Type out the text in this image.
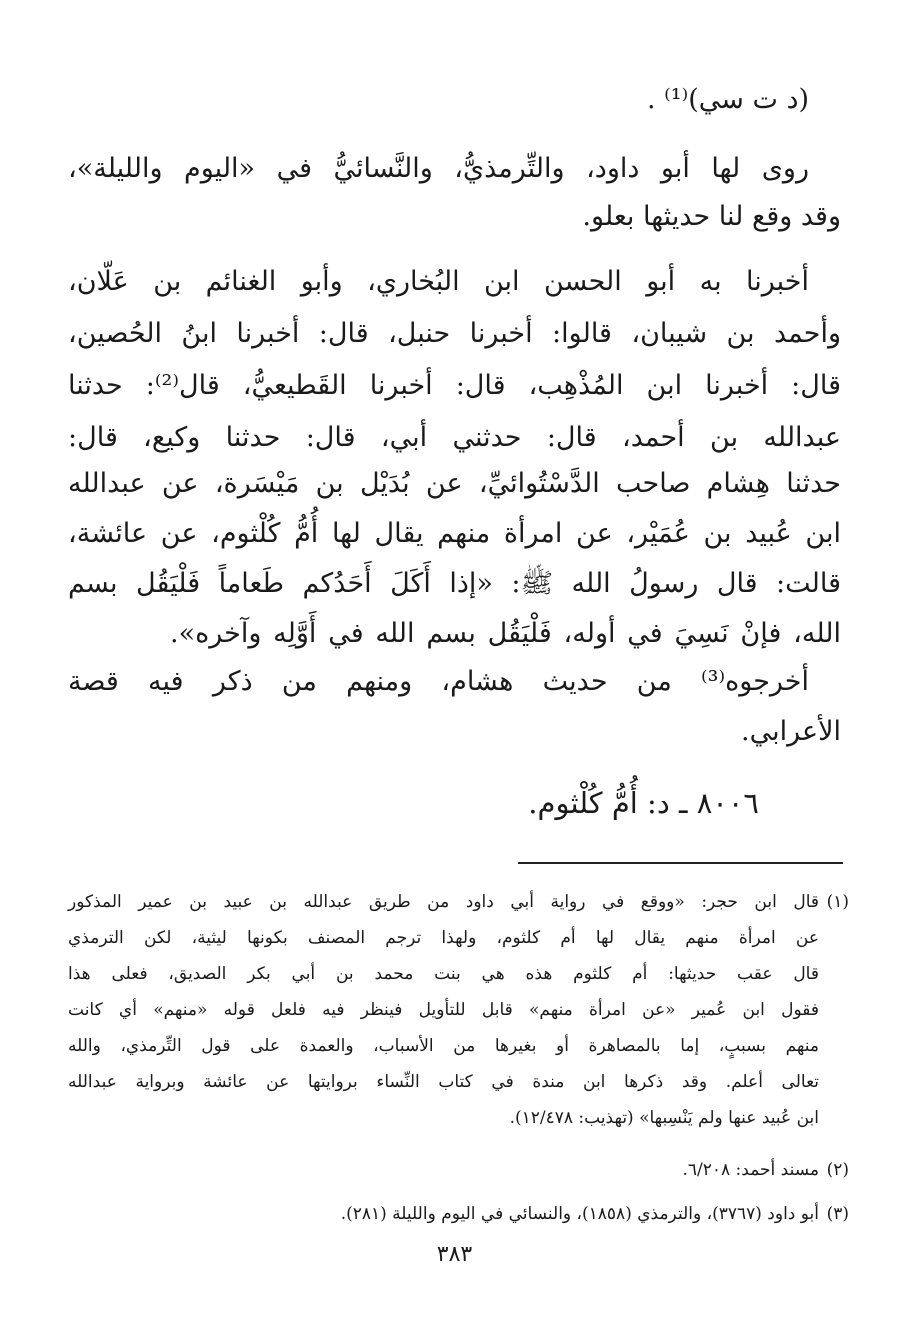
(د ت سي)⁽¹⁾ .
روى لها أبو داود، والتِّرمذيُّ، والنَّسائيُّ في «اليوم والليلة»،
وقد وقع لنا حديثها بعلو.
أخبرنا به أبو الحسن ابن البُخاري، وأبو الغنائم بن عَلّان،
وأحمد بن شيبان، قالوا: أخبرنا حنبل، قال: أخبرنا ابنُ الحُصين،
قال: أخبرنا ابن المُذْهِب، قال: أخبرنا القَطيعيُّ، قال⁽²⁾: حدثنا
عبدالله بن أحمد، قال: حدثني أبي، قال: حدثنا وكيع، قال:
حدثنا هِشام صاحب الدَّسْتُوائيِّ، عن بُدَيْل بن مَيْسَرة، عن عبدالله
ابن عُبيد بن عُمَيْر، عن امرأة منهم يقال لها أُمُّ كُلْثوم، عن عائشة،
قالت: قال رسولُ الله ﷺ: «إذا أَكَلَ أَحَدُكم طَعاماً فَلْيَقُل بسم
الله، فإنْ نَسِيَ في أوله، فَلْيَقُل بسم الله في أَوَّلِه وآخره».
أخرجوه⁽³⁾ من حديث هشام، ومنهم من ذكر فيه قصة
الأعرابي.
٨٠٠٦ ـ د: أُمُّ كُلْثوم.
(١)
قال ابن حجر: «ووقع في رواية أبي داود من طريق عبدالله بن عبيد بن عمير المذكور
عن امرأة منهم يقال لها أم كلثوم، ولهذا ترجم المصنف بكونها ليثية، لكن الترمذي
قال عقب حديثها: أم كلثوم هذه هي بنت محمد بن أبي بكر الصديق، فعلى هذا
فقول ابن عُمير «عن امرأة منهم» قابل للتأويل فينظر فيه فلعل قوله «منهم» أي كانت
منهم بسببٍ، إما بالمصاهرة أو بغيرها من الأسباب، والعمدة على قول التِّرمذي، والله
تعالى أعلم. وقد ذكرها ابن مندة في كتاب النِّساء بروايتها عن عائشة وبرواية عبدالله
ابن عُبيد عنها ولم يَنْسِبها» (تهذيب: ١٢/٤٧٨).
(٢)
مسند أحمد: ٦/٢٠٨.
(٣)
أبو داود (٣٧٦٧)، والترمذي (١٨٥٨)، والنسائي في اليوم والليلة (٢٨١).
٣٨٣
